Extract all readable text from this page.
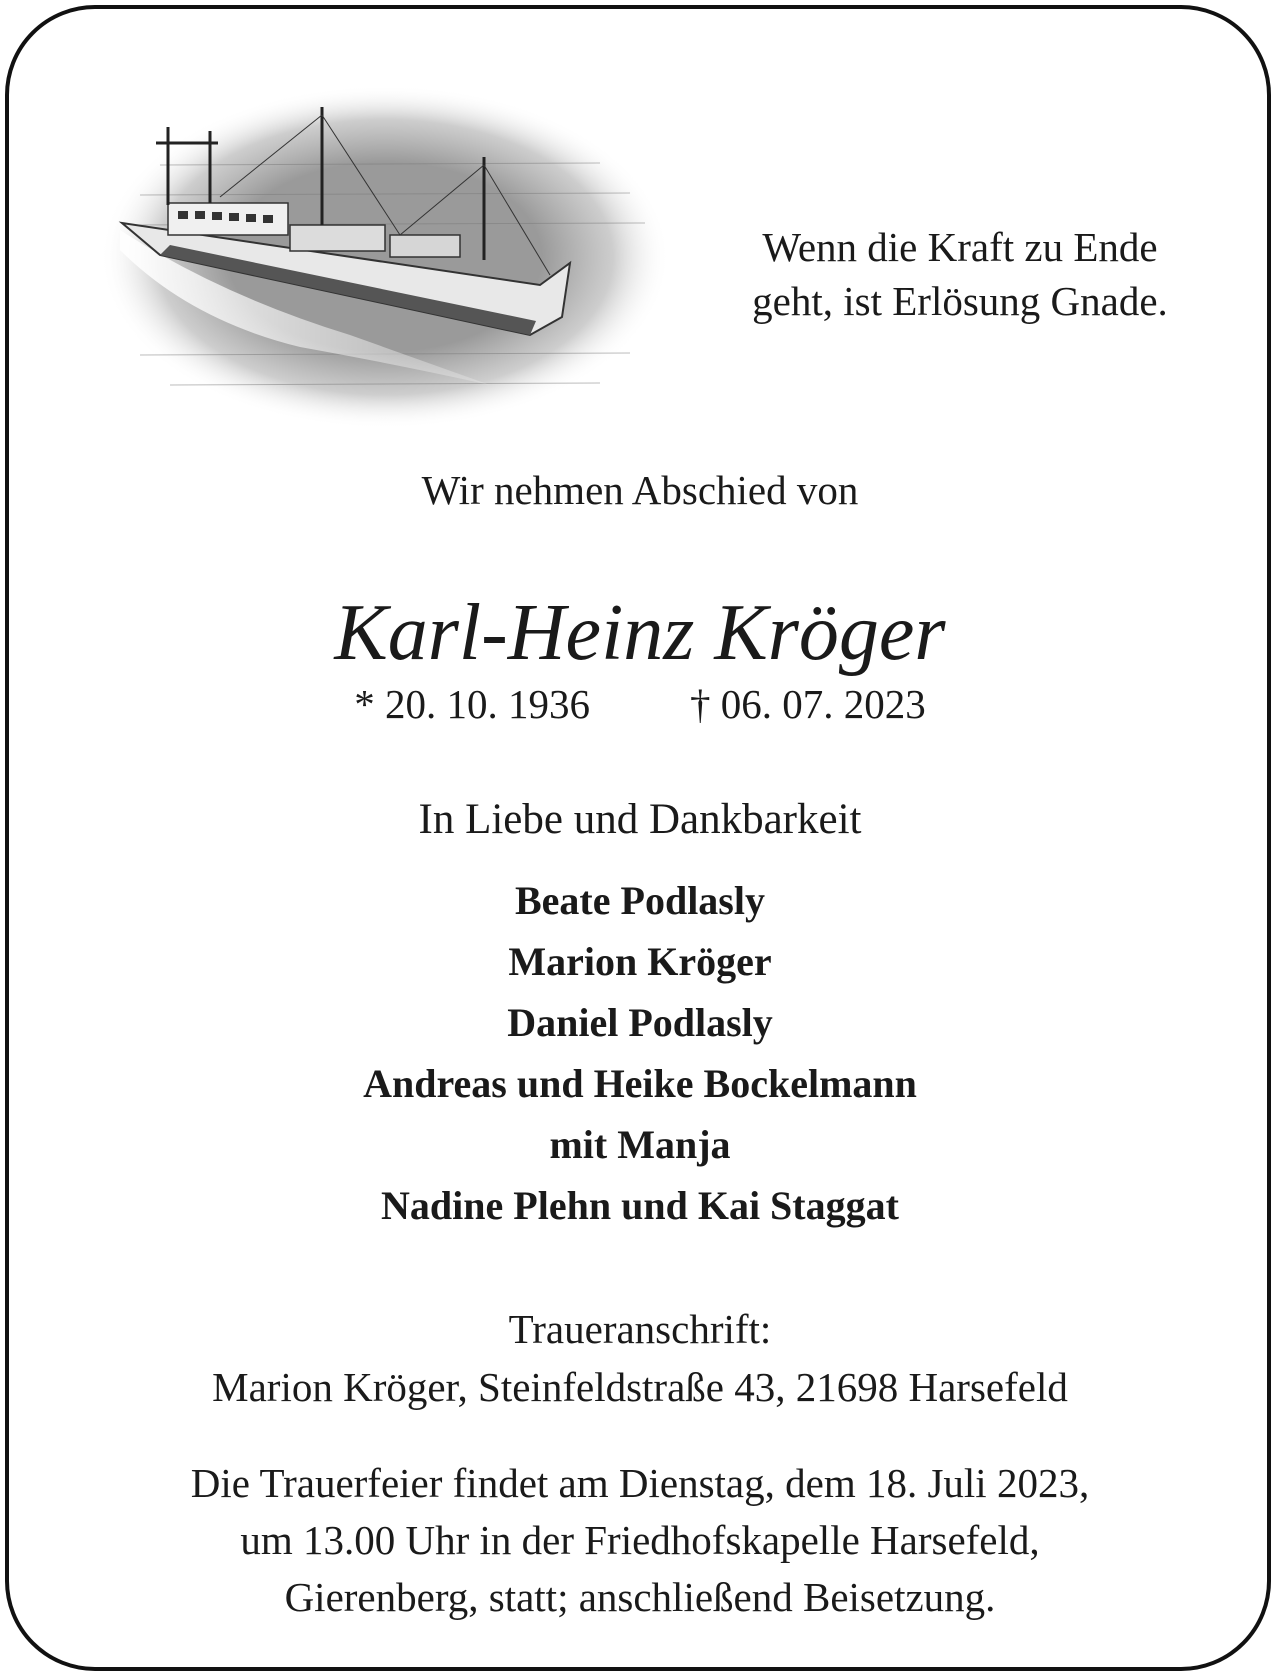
Wenn die Kraft zu Ende
geht, ist Erlösung Gnade.
Wir nehmen Abschied von
Karl-Heinz Kröger
* 20. 10. 1936 † 06. 07. 2023
In Liebe und Dankbarkeit
Beate Podlasly
Marion Kröger
Daniel Podlasly
Andreas und Heike Bockelmann
mit Manja
Nadine Plehn und Kai Staggat
Traueranschrift:
Marion Kröger, Steinfeldstraße 43, 21698 Harsefeld
Die Trauerfeier findet am Dienstag, dem 18. Juli 2023,
um 13.00 Uhr in der Friedhofskapelle Harsefeld,
Gierenberg, statt; anschließend Beisetzung.
